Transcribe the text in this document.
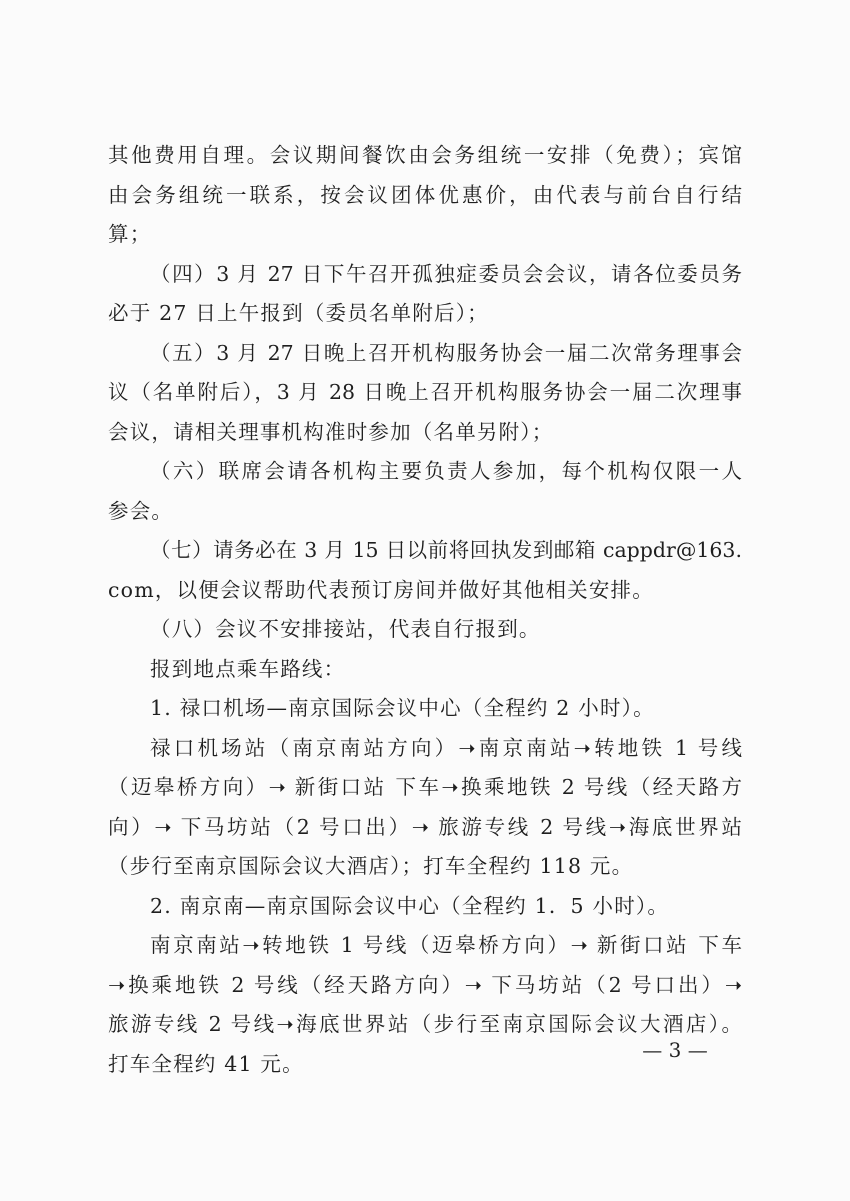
其他费用自理。会议期间餐饮由会务组统一安排（免费）；宾馆
由会务组统一联系，按会议团体优惠价，由代表与前台自行结
算；
（四）3 月 27 日下午召开孤独症委员会会议，请各位委员务
必于 27 日上午报到（委员名单附后）；
（五）3 月 27 日晚上召开机构服务协会一届二次常务理事会
议（名单附后），3 月 28 日晚上召开机构服务协会一届二次理事
会议，请相关理事机构准时参加（名单另附）；
（六）联席会请各机构主要负责人参加，每个机构仅限一人
参会。
（七）请务必在 3 月 15 日以前将回执发到邮箱 cappdr@163.
com，以便会议帮助代表预订房间并做好其他相关安排。
（八）会议不安排接站，代表自行报到。
报到地点乘车路线：
1. 禄口机场—南京国际会议中心（全程约 2 小时）。
禄口机场站（南京南站方向）➝南京南站➝转地铁 1 号线
（迈皋桥方向）➝ 新街口站 下车➝换乘地铁 2 号线（经天路方
向）➝ 下马坊站（2 号口出）➝ 旅游专线 2 号线➝海底世界站
（步行至南京国际会议大酒店）；打车全程约 118 元。
2. 南京南—南京国际会议中心（全程约 1．5 小时）。
南京南站➝转地铁 1 号线（迈皋桥方向）➝ 新街口站 下车
➝换乘地铁 2 号线（经天路方向）➝ 下马坊站（2 号口出）➝
旅游专线 2 号线➝海底世界站（步行至南京国际会议大酒店）。
打车全程约 41 元。
— 3 —
